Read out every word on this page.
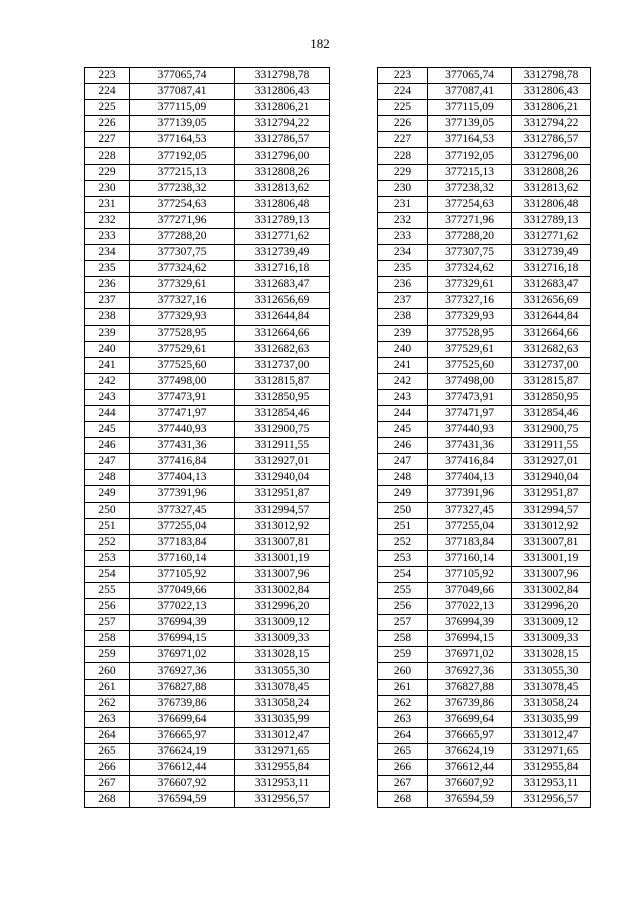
182
223	377065,74	3312798,78
224	377087,41	3312806,43
225	377115,09	3312806,21
226	377139,05	3312794,22
227	377164,53	3312786,57
228	377192,05	3312796,00
229	377215,13	3312808,26
230	377238,32	3312813,62
231	377254,63	3312806,48
232	377271,96	3312789,13
233	377288,20	3312771,62
234	377307,75	3312739,49
235	377324,62	3312716,18
236	377329,61	3312683,47
237	377327,16	3312656,69
238	377329,93	3312644,84
239	377528,95	3312664,66
240	377529,61	3312682,63
241	377525,60	3312737,00
242	377498,00	3312815,87
243	377473,91	3312850,95
244	377471,97	3312854,46
245	377440,93	3312900,75
246	377431,36	3312911,55
247	377416,84	3312927,01
248	377404,13	3312940,04
249	377391,96	3312951,87
250	377327,45	3312994,57
251	377255,04	3313012,92
252	377183,84	3313007,81
253	377160,14	3313001,19
254	377105,92	3313007,96
255	377049,66	3313002,84
256	377022,13	3312996,20
257	376994,39	3313009,12
258	376994,15	3313009,33
259	376971,02	3313028,15
260	376927,36	3313055,30
261	376827,88	3313078,45
262	376739,86	3313058,24
263	376699,64	3313035,99
264	376665,97	3313012,47
265	376624,19	3312971,65
266	376612,44	3312955,84
267	376607,92	3312953,11
268	376594,59	3312956,57
223	377065,74	3312798,78
224	377087,41	3312806,43
225	377115,09	3312806,21
226	377139,05	3312794,22
227	377164,53	3312786,57
228	377192,05	3312796,00
229	377215,13	3312808,26
230	377238,32	3312813,62
231	377254,63	3312806,48
232	377271,96	3312789,13
233	377288,20	3312771,62
234	377307,75	3312739,49
235	377324,62	3312716,18
236	377329,61	3312683,47
237	377327,16	3312656,69
238	377329,93	3312644,84
239	377528,95	3312664,66
240	377529,61	3312682,63
241	377525,60	3312737,00
242	377498,00	3312815,87
243	377473,91	3312850,95
244	377471,97	3312854,46
245	377440,93	3312900,75
246	377431,36	3312911,55
247	377416,84	3312927,01
248	377404,13	3312940,04
249	377391,96	3312951,87
250	377327,45	3312994,57
251	377255,04	3313012,92
252	377183,84	3313007,81
253	377160,14	3313001,19
254	377105,92	3313007,96
255	377049,66	3313002,84
256	377022,13	3312996,20
257	376994,39	3313009,12
258	376994,15	3313009,33
259	376971,02	3313028,15
260	376927,36	3313055,30
261	376827,88	3313078,45
262	376739,86	3313058,24
263	376699,64	3313035,99
264	376665,97	3313012,47
265	376624,19	3312971,65
266	376612,44	3312955,84
267	376607,92	3312953,11
268	376594,59	3312956,57
